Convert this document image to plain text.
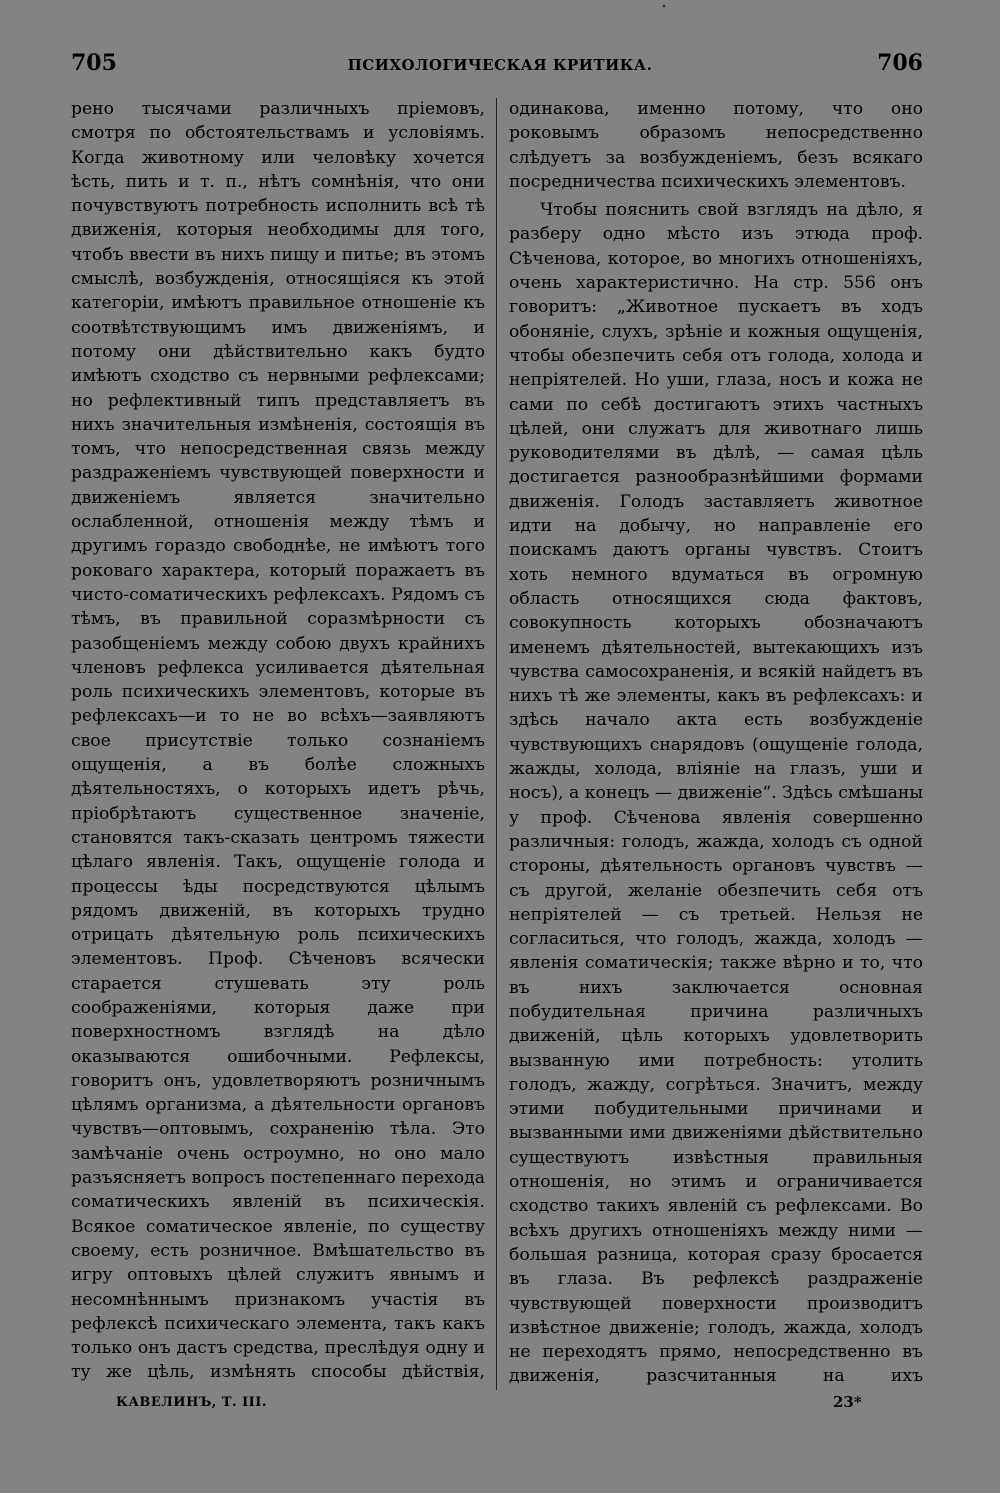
705	ПСИХОЛОГИЧЕСКАЯ КРИТИКА.	706

рено тысячами различныхъ пріемовъ, смотря по обстоятельствамъ и условіямъ. Когда животному или человѣку хочется ѣсть, пить и т. п., нѣтъ сомнѣнія, что они почувствуютъ потребность исполнить всѣ тѣ движенія, которыя необходимы для того, чтобъ ввести въ нихъ пищу и питье; въ этомъ смыслѣ, возбужденія, относящіяся къ этой категоріи, имѣютъ правильное отношеніе къ соотвѣтствующимъ имъ движеніямъ, и потому они дѣйствительно какъ будто имѣютъ сходство съ нервными рефлексами; но рефлективный типъ представляетъ въ нихъ значительныя измѣненія, состоящія въ томъ, что непосредственная связь между раздраженіемъ чувствующей поверхности и движеніемъ является значительно ослабленной, отношенія между тѣмъ и другимъ гораздо свободнѣе, не имѣютъ того роковаго характера, который поражаетъ въ чисто-соматическихъ рефлексахъ. Рядомъ съ тѣмъ, въ правильной соразмѣрности съ разобщеніемъ между собою двухъ крайнихъ членовъ рефлекса усиливается дѣятельная роль психическихъ элементовъ, которые въ рефлексахъ—и то не во всѣхъ—заявляютъ свое присутствіе только сознаніемъ ощущенія, а въ болѣе сложныхъ дѣятельностяхъ, о которыхъ идетъ рѣчь, пріобрѣтаютъ существенное значеніе, становятся такъ-сказать центромъ тяжести цѣлаго явленія. Такъ, ощущеніе голода и процессы ѣды посредствуются цѣлымъ рядомъ движеній, въ которыхъ трудно отрицать дѣятельную роль психическихъ элементовъ. Проф. Сѣченовъ всячески старается стушевать эту роль соображеніями, которыя даже при поверхностномъ взглядѣ на дѣло оказываются ошибочными. Рефлексы, говоритъ онъ, удовлетворяютъ розничнымъ цѣлямъ организма, а дѣятельности органовъ чувствъ—оптовымъ, сохраненію тѣла. Это замѣчаніе очень остроумно, но оно мало разъясняетъ вопросъ постепеннаго перехода соматическихъ явленій въ психическія. Всякое соматическое явленіе, по существу своему, есть розничное. Вмѣшательство въ игру оптовыхъ цѣлей служитъ явнымъ и несомнѣннымъ признакомъ участія въ рефлексѣ психическаго элемента, такъ какъ только онъ дастъ средства, преслѣдуя одну и ту же цѣль, измѣнять способы дѣйствія,

одинакова, именно потому, что оно роковымъ образомъ непосредственно слѣдуетъ за возбужденіемъ, безъ всякаго посредничества психическихъ элементовъ.

Чтобы пояснить свой взглядъ на дѣло, я разберу одно мѣсто изъ этюда проф. Сѣченова, которое, во многихъ отношеніяхъ, очень характеристично. На стр. 556 онъ говоритъ: „Животное пускаетъ въ ходъ обоняніе, слухъ, зрѣніе и кожныя ощущенія, чтобы обезпечить себя отъ голода, холода и непріятелей. Но уши, глаза, носъ и кожа не сами по себѣ достигаютъ этихъ частныхъ цѣлей, они служатъ для животнаго лишь руководителями въ дѣлѣ, — самая цѣль достигается разнообразнѣйшими формами движенія. Голодъ заставляетъ животное идти на добычу, но направленіе его поискамъ даютъ органы чувствъ. Стоитъ хоть немного вдуматься въ огромную область относящихся сюда фактовъ, совокупность которыхъ обозначаютъ именемъ дѣятельностей, вытекающихъ изъ чувства самосохраненія, и всякій найдетъ въ нихъ тѣ же элементы, какъ въ рефлексахъ: и здѣсь начало акта есть возбужденіе чувствующихъ снарядовъ (ощущеніе голода, жажды, холода, вліяніе на глазъ, уши и носъ), а конецъ — движеніе“. Здѣсь смѣшаны у проф. Сѣченова явленія совершенно различныя: голодъ, жажда, холодъ съ одной стороны, дѣятельность органовъ чувствъ — съ другой, желаніе обезпечить себя отъ непріятелей — съ третьей. Нельзя не согласиться, что голодъ, жажда, холодъ — явленія соматическія; также вѣрно и то, что въ нихъ заключается основная побудительная причина различныхъ движеній, цѣль которыхъ удовлетворить вызванную ими потребность: утолить голодъ, жажду, согрѣться. Значитъ, между этими побудительными причинами и вызванными ими движеніями дѣйствительно существуютъ извѣстныя правильныя отношенія, но этимъ и ограничивается сходство такихъ явленій съ рефлексами. Во всѣхъ другихъ отношеніяхъ между ними — большая разница, которая сразу бросается въ глаза. Въ рефлексѣ раздраженіе чувствующей поверхности производитъ извѣстное движеніе; голодъ, жажда, холодъ не переходятъ прямо, непосредственно въ движенія, разсчитанныя на ихъ

КАВЕЛИНЪ, Т. III.	23*
